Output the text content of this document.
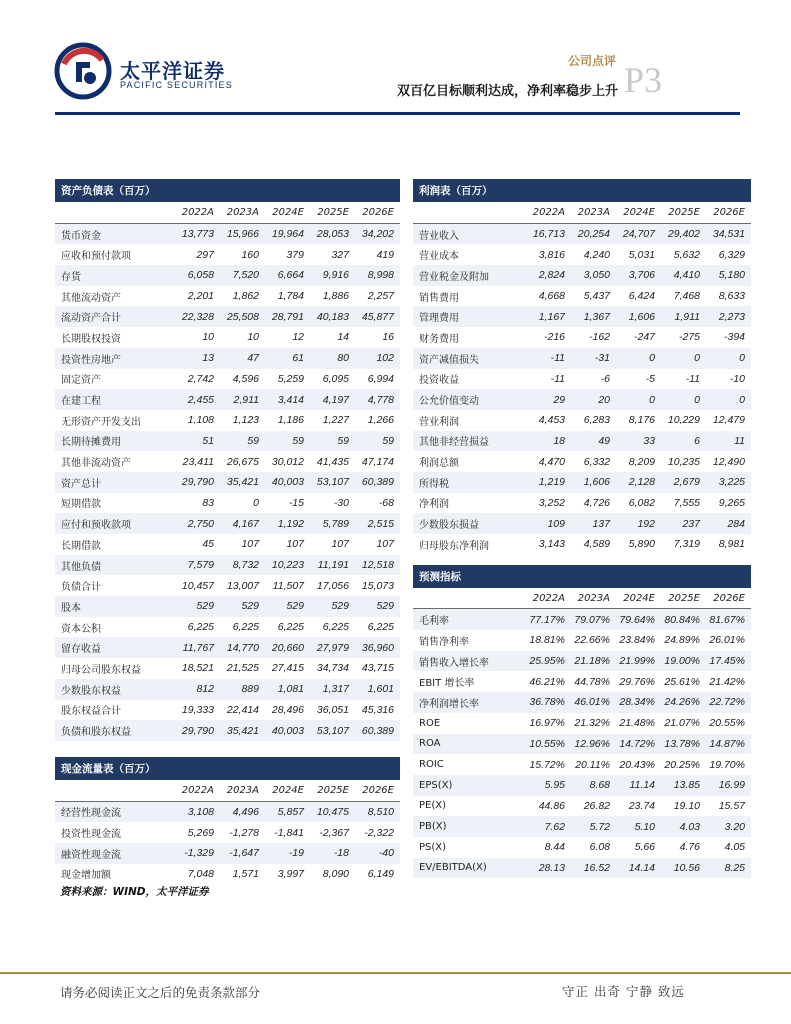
太平洋证券
PACIFIC SECURITIES
公司点评
双百亿目标顺利达成，净利率稳步上升 P3
资产负债表（百万）					
	2022A	2023A	2024E	2025E	2026E
货币资金	13,773	15,966	19,964	28,053	34,202
应收和预付款项	297	160	379	327	419
存货	6,058	7,520	6,664	9,916	8,998
其他流动资产	2,201	1,862	1,784	1,886	2,257
流动资产合计	22,328	25,508	28,791	40,183	45,877
长期股权投资	10	10	12	14	16
投资性房地产	13	47	61	80	102
固定资产	2,742	4,596	5,259	6,095	6,994
在建工程	2,455	2,911	3,414	4,197	4,778
无形资产开发支出	1,108	1,123	1,186	1,227	1,266
长期待摊费用	51	59	59	59	59
其他非流动资产	23,411	26,675	30,012	41,435	47,174
资产总计	29,790	35,421	40,003	53,107	60,389
短期借款	83	0	-15	-30	-68
应付和预收款项	2,750	4,167	1,192	5,789	2,515
长期借款	45	107	107	107	107
其他负债	7,579	8,732	10,223	11,191	12,518
负债合计	10,457	13,007	11,507	17,056	15,073
股本	529	529	529	529	529
资本公积	6,225	6,225	6,225	6,225	6,225
留存收益	11,767	14,770	20,660	27,979	36,960
归母公司股东权益	18,521	21,525	27,415	34,734	43,715
少数股东权益	812	889	1,081	1,317	1,601
股东权益合计	19,333	22,414	28,496	36,051	45,316
负债和股东权益	29,790	35,421	40,003	53,107	60,389

现金流量表（百万）					
	2022A	2023A	2024E	2025E	2026E
经营性现金流	3,108	4,496	5,857	10,475	8,510
投资性现金流	5,269	-1,278	-1,841	-2,367	-2,322
融资性现金流	-1,329	-1,647	-19	-18	-40
现金增加额	7,048	1,571	3,997	8,090	6,149
利润表（百万）					
	2022A	2023A	2024E	2025E	2026E
营业收入	16,713	20,254	24,707	29,402	34,531
营业成本	3,816	4,240	5,031	5,632	6,329
营业税金及附加	2,824	3,050	3,706	4,410	5,180
销售费用	4,668	5,437	6,424	7,468	8,633
管理费用	1,167	1,367	1,606	1,911	2,273
财务费用	-216	-162	-247	-275	-394
资产减值损失	-11	-31	0	0	0
投资收益	-11	-6	-5	-11	-10
公允价值变动	29	20	0	0	0
营业利润	4,453	6,283	8,176	10,229	12,479
其他非经营损益	18	49	33	6	11
利润总额	4,470	6,332	8,209	10,235	12,490
所得税	1,219	1,606	2,128	2,679	3,225
净利润	3,252	4,726	6,082	7,555	9,265
少数股东损益	109	137	192	237	284
归母股东净利润	3,143	4,589	5,890	7,319	8,981

预测指标					
	2022A	2023A	2024E	2025E	2026E
毛利率	77.17%	79.07%	79.64%	80.84%	81.67%
销售净利率	18.81%	22.66%	23.84%	24.89%	26.01%
销售收入增长率	25.95%	21.18%	21.99%	19.00%	17.45%
EBIT 增长率	46.21%	44.78%	29.76%	25.61%	21.42%
净利润增长率	36.78%	46.01%	28.34%	24.26%	22.72%
ROE	16.97%	21.32%	21.48%	21.07%	20.55%
ROA	10.55%	12.96%	14.72%	13.78%	14.87%
ROIC	15.72%	20.11%	20.43%	20.25%	19.70%
EPS(X)	5.95	8.68	11.14	13.85	16.99
PE(X)	44.86	26.82	23.74	19.10	15.57
PB(X)	7.62	5.72	5.10	4.03	3.20
PS(X)	8.44	6.08	5.66	4.76	4.05
EV/EBITDA(X)	28.13	16.52	14.14	10.56	8.25
资料来源：WIND，太平洋证券
请务必阅读正文之后的免责条款部分	守正 出奇 宁静 致远
